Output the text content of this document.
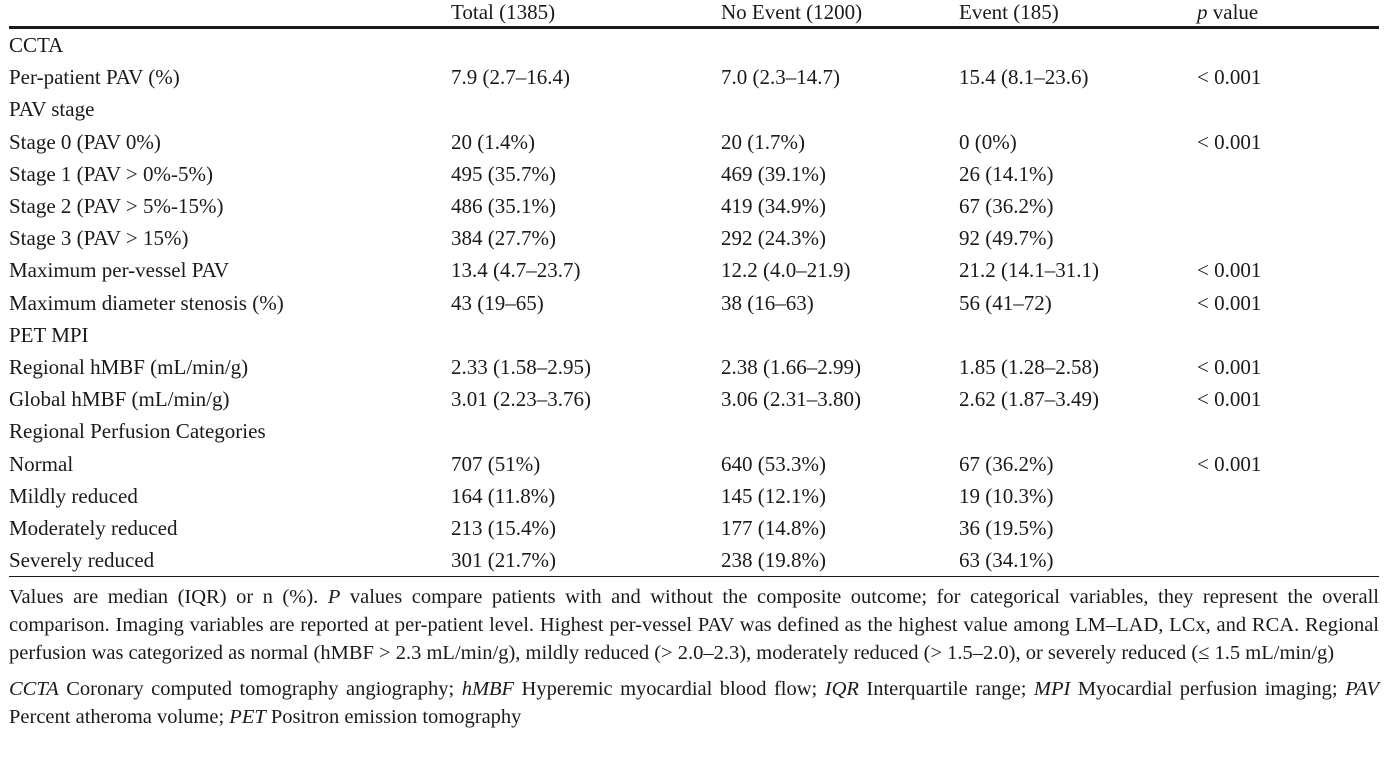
	Total (1385)	No Event (1200)	Event (185)	p value
CCTA				
Per-patient PAV (%)	7.9 (2.7–16.4)	7.0 (2.3–14.7)	15.4 (8.1–23.6)	< 0.001
PAV stage				
Stage 0 (PAV 0%)	20 (1.4%)	20 (1.7%)	0 (0%)	< 0.001
Stage 1 (PAV > 0%-5%)	495 (35.7%)	469 (39.1%)	26 (14.1%)	
Stage 2 (PAV > 5%-15%)	486 (35.1%)	419 (34.9%)	67 (36.2%)	
Stage 3 (PAV > 15%)	384 (27.7%)	292 (24.3%)	92 (49.7%)	
Maximum per-vessel PAV	13.4 (4.7–23.7)	12.2 (4.0–21.9)	21.2 (14.1–31.1)	< 0.001
Maximum diameter stenosis (%)	43 (19–65)	38 (16–63)	56 (41–72)	< 0.001
PET MPI				
Regional hMBF (mL/min/g)	2.33 (1.58–2.95)	2.38 (1.66–2.99)	1.85 (1.28–2.58)	< 0.001
Global hMBF (mL/min/g)	3.01 (2.23–3.76)	3.06 (2.31–3.80)	2.62 (1.87–3.49)	< 0.001
Regional Perfusion Categories				
Normal	707 (51%)	640 (53.3%)	67 (36.2%)	< 0.001
Mildly reduced	164 (11.8%)	145 (12.1%)	19 (10.3%)	
Moderately reduced	213 (15.4%)	177 (14.8%)	36 (19.5%)	
Severely reduced	301 (21.7%)	238 (19.8%)	63 (34.1%)	

Values are median (IQR) or n (%). P values compare patients with and without the composite outcome; for categorical variables, they represent the overall comparison. Imaging variables are reported at per-patient level. Highest per-vessel PAV was defined as the highest value among LM–LAD, LCx, and RCA. Regional perfusion was categorized as normal (hMBF > 2.3 mL/min/g), mildly reduced (> 2.0–2.3), moderately reduced (> 1.5–2.0), or severely reduced (≤ 1.5 mL/min/g)

CCTA Coronary computed tomography angiography; hMBF Hyperemic myocardial blood flow; IQR Interquartile range; MPI Myocardial perfusion imaging; PAV Percent atheroma volume; PET Positron emission tomography
